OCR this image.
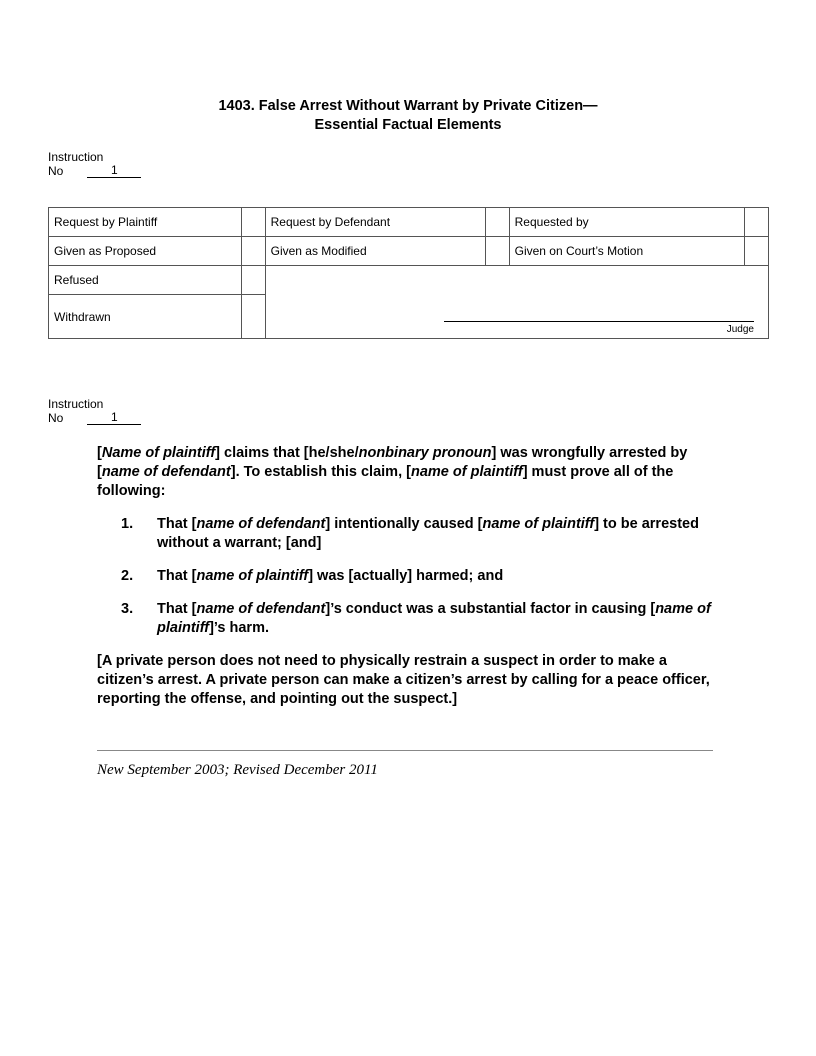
1403. False Arrest Without Warrant by Private Citizen—
Essential Factual Elements
Instruction
No	1
Request by Plaintiff		Request by Defendant		Requested by	
Given as Proposed		Given as Modified		Given on Court’s Motion	
Refused		Judge			

Withdrawn					
Instruction
No	1

[Name of plaintiff] claims that [he/she/nonbinary pronoun] was wrongfully arrested by [name of defendant]. To establish this claim, [name of plaintiff] must prove all of the following:

1.	That [name of defendant] intentionally caused [name of plaintiff] to be arrested without a warrant; [and]
2.	That [name of plaintiff] was [actually] harmed; and
3.	That [name of defendant]’s conduct was a substantial factor in causing [name of plaintiff]’s harm.

[A private person does not need to physically restrain a suspect in order to make a citizen’s arrest. A private person can make a citizen’s arrest by calling for a peace officer, reporting the offense, and pointing out the suspect.]

New September 2003; Revised December 2011
